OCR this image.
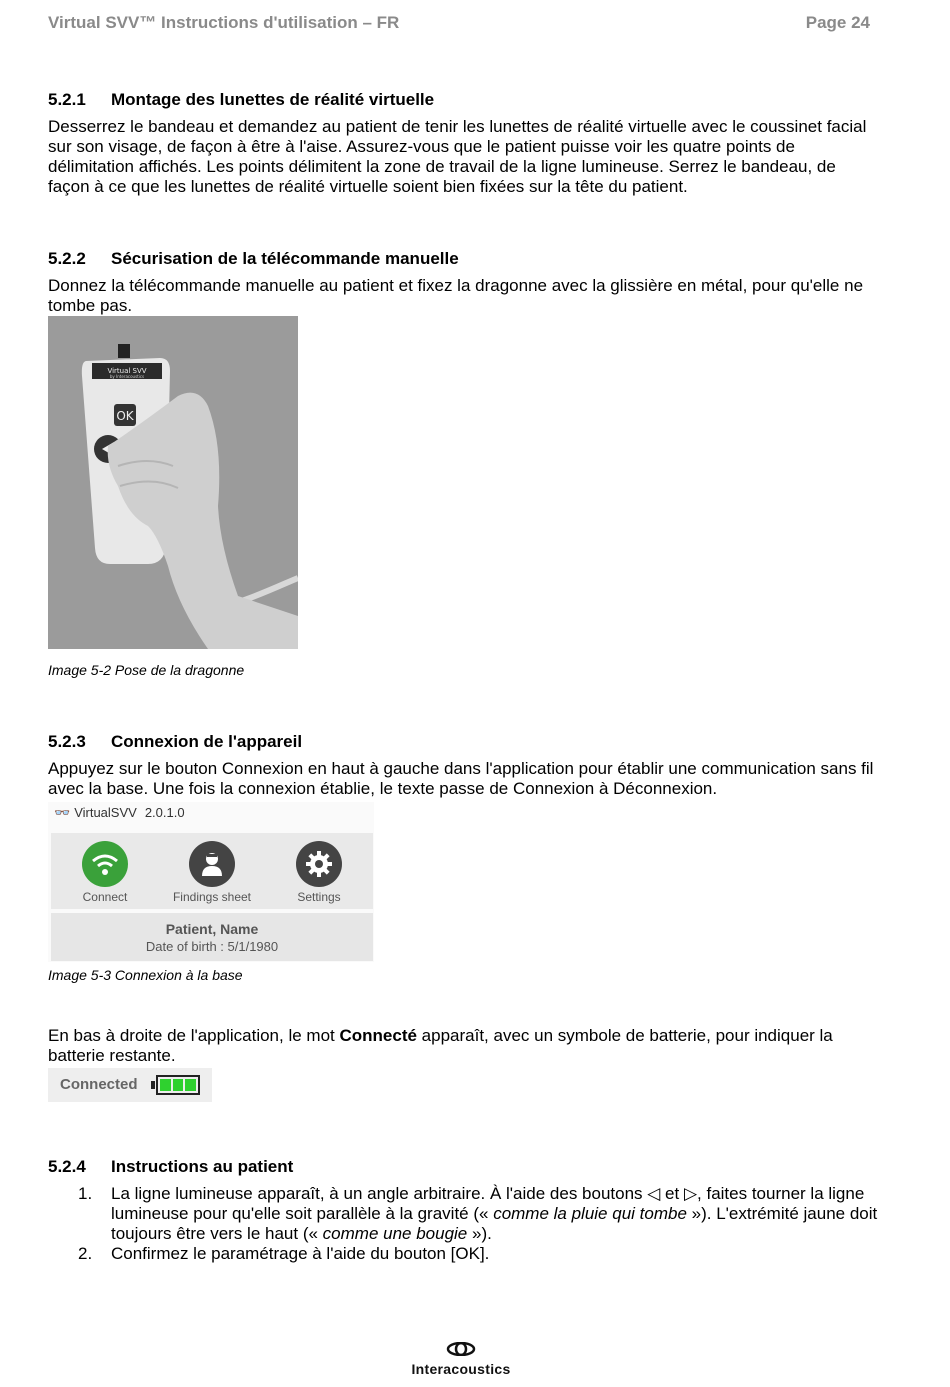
Virtual SVV™ Instructions d'utilisation – FR	Page 24
5.2.1 Montage des lunettes de réalité virtuelle
Desserrez le bandeau et demandez au patient de tenir les lunettes de réalité virtuelle avec le coussinet facial sur son visage, de façon à être à l'aise. Assurez-vous que le patient puisse voir les quatre points de délimitation affichés. Les points délimitent la zone de travail de la ligne lumineuse. Serrez le bandeau, de façon à ce que les lunettes de réalité virtuelle soient bien fixées sur la tête du patient.
5.2.2 Sécurisation de la télécommande manuelle
Donnez la télécommande manuelle au patient et fixez la dragonne avec la glissière en métal, pour qu'elle ne tombe pas.
Virtual SVV
by Interacoustics
OK
Image 5-2 Pose de la dragonne
5.2.3 Connexion de l'appareil
Appuyez sur le bouton Connexion en haut à gauche dans l'application pour établir une communication sans fil avec la base. Une fois la connexion établie, le texte passe de Connexion à Déconnexion.
👓 VirtualSVV 2.0.1.0
Connect	Findings sheet	Settings
Patient, Name
Date of birth : 5/1/1980
Image 5-3 Connexion à la base
En bas à droite de l'application, le mot Connecté apparaît, avec un symbole de batterie, pour indiquer la batterie restante.
Connected
5.2.4 Instructions au patient
1. La ligne lumineuse apparaît, à un angle arbitraire. À l'aide des boutons ◁ et ▷, faites tourner la ligne lumineuse pour qu'elle soit parallèle à la gravité (« comme la pluie qui tombe »). L'extrémité jaune doit toujours être vers le haut (« comme une bougie »).
2. Confirmez le paramétrage à l'aide du bouton [OK].
Interacoustics
